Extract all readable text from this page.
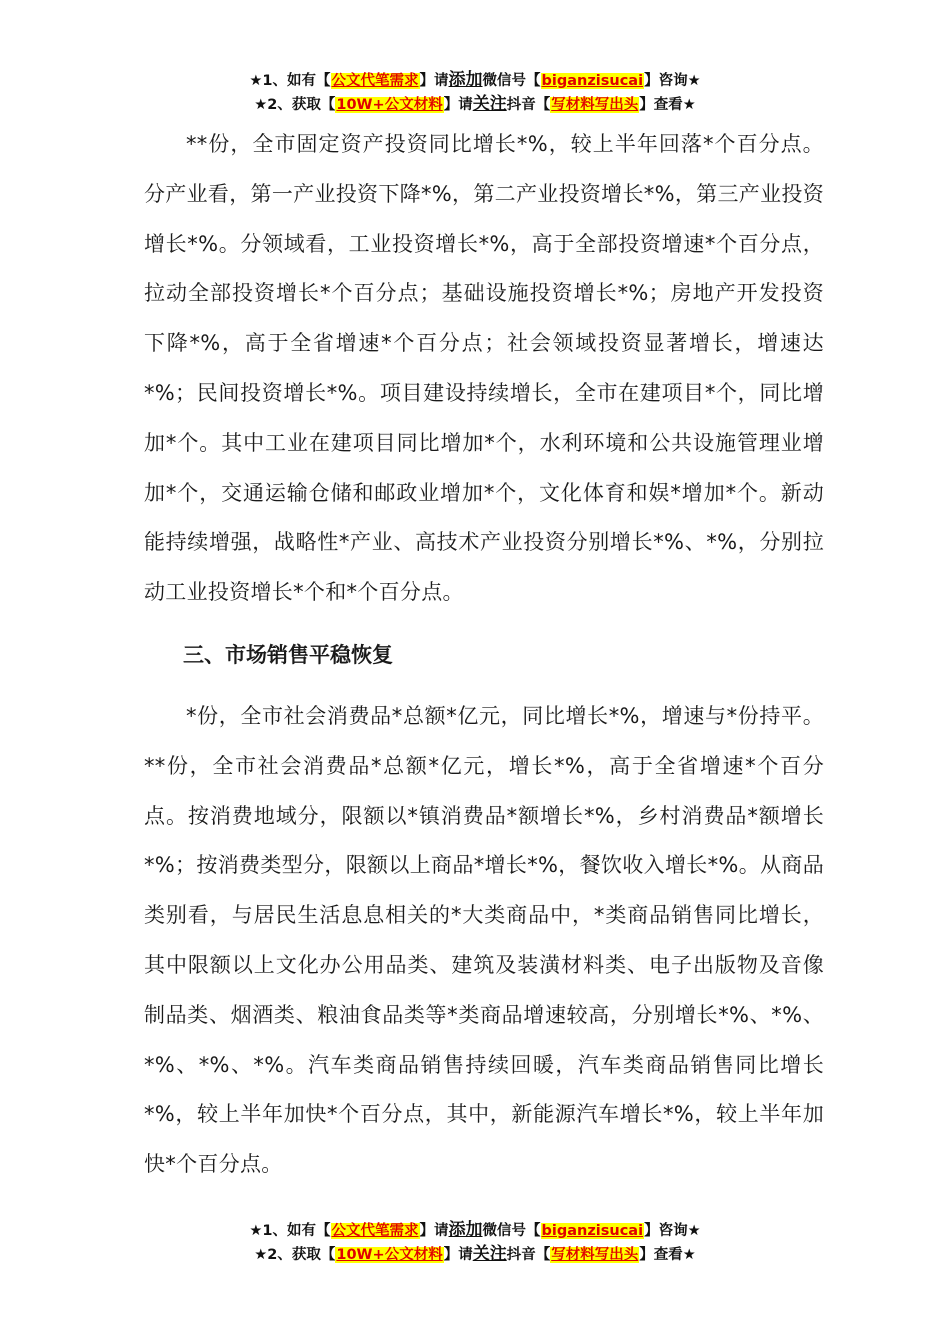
★1、如有【公文代笔需求】请添加微信号【biganzisucai】咨询★
★2、获取【10W+公文材料】请关注抖音【写材料写出头】查看★

**份，全市固定资产投资同比增长*%，较上半年回落*个百分点。分产业看，第一产业投资下降*%，第二产业投资增长*%，第三产业投资增长*%。分领域看，工业投资增长*%，高于全部投资增速*个百分点，拉动全部投资增长*个百分点；基础设施投资增长*%；房地产开发投资下降*%，高于全省增速*个百分点；社会领域投资显著增长，增速达*%；民间投资增长*%。项目建设持续增长，全市在建项目*个，同比增加*个。其中工业在建项目同比增加*个，水利环境和公共设施管理业增加*个，交通运输仓储和邮政业增加*个，文化体育和娱*增加*个。新动能持续增强，战略性*产业、高技术产业投资分别增长*%、*%，分别拉动工业投资增长*个和*个百分点。

三、市场销售平稳恢复

*份，全市社会消费品*总额*亿元，同比增长*%，增速与*份持平。**份，全市社会消费品*总额*亿元，增长*%，高于全省增速*个百分点。按消费地域分，限额以*镇消费品*额增长*%，乡村消费品*额增长*%；按消费类型分，限额以上商品*增长*%，餐饮收入增长*%。从商品类别看，与居民生活息息相关的*大类商品中，*类商品销售同比增长，其中限额以上文化办公用品类、建筑及装潢材料类、电子出版物及音像制品类、烟酒类、粮油食品类等*类商品增速较高，分别增长*%、*%、*%、*%、*%。汽车类商品销售持续回暖，汽车类商品销售同比增长*%，较上半年加快*个百分点，其中，新能源汽车增长*%，较上半年加快*个百分点。

★1、如有【公文代笔需求】请添加微信号【biganzisucai】咨询★
★2、获取【10W+公文材料】请关注抖音【写材料写出头】查看★
